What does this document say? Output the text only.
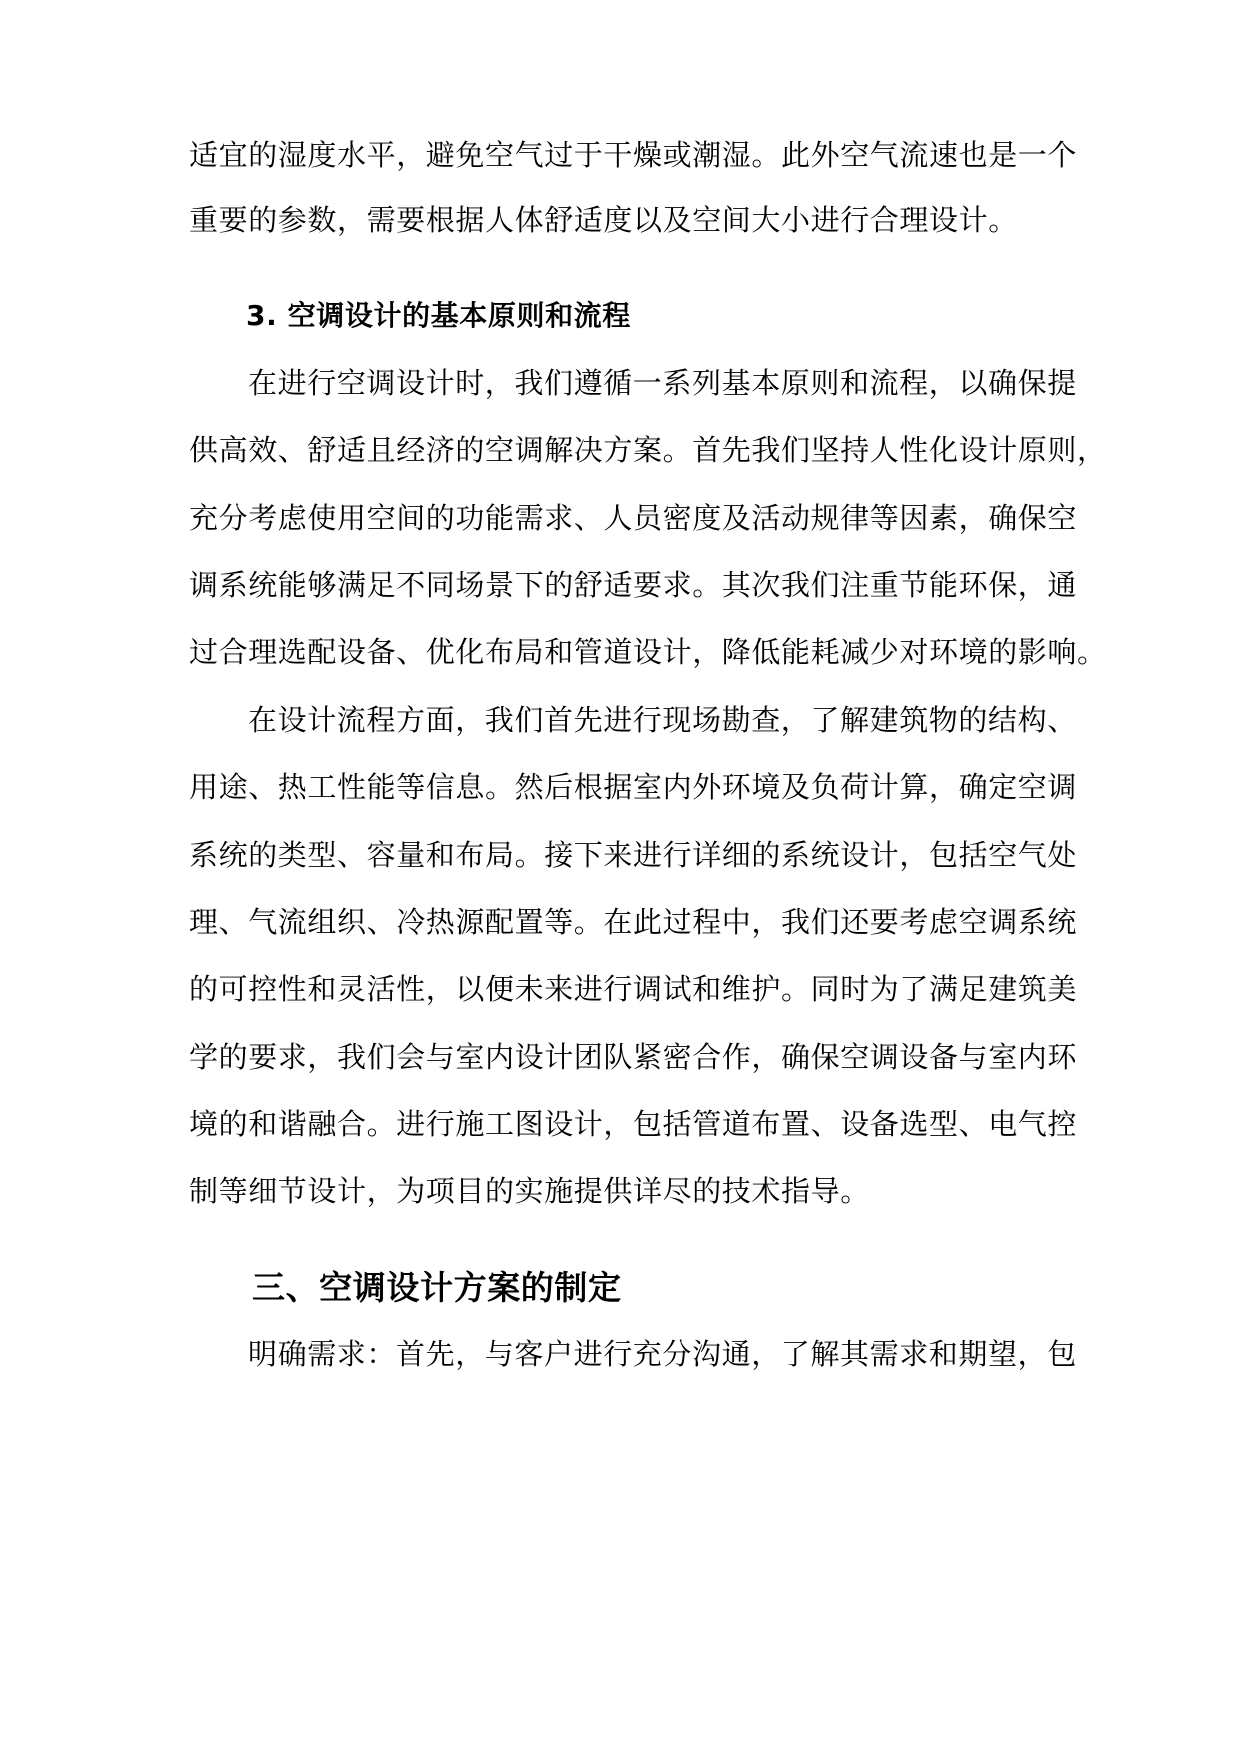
适宜的湿度水平，避免空气过于干燥或潮湿。此外空气流速也是一个
重要的参数，需要根据人体舒适度以及空间大小进行合理设计。
3. 空调设计的基本原则和流程
在进行空调设计时，我们遵循一系列基本原则和流程，以确保提
供高效、舒适且经济的空调解决方案。首先我们坚持人性化设计原则，
充分考虑使用空间的功能需求、人员密度及活动规律等因素，确保空
调系统能够满足不同场景下的舒适要求。其次我们注重节能环保，通
过合理选配设备、优化布局和管道设计，降低能耗减少对环境的影响。
在设计流程方面，我们首先进行现场勘查，了解建筑物的结构、
用途、热工性能等信息。然后根据室内外环境及负荷计算，确定空调
系统的类型、容量和布局。接下来进行详细的系统设计，包括空气处
理、气流组织、冷热源配置等。在此过程中，我们还要考虑空调系统
的可控性和灵活性，以便未来进行调试和维护。同时为了满足建筑美
学的要求，我们会与室内设计团队紧密合作，确保空调设备与室内环
境的和谐融合。进行施工图设计，包括管道布置、设备选型、电气控
制等细节设计，为项目的实施提供详尽的技术指导。
三、空调设计方案的制定
明确需求：首先，与客户进行充分沟通，了解其需求和期望，包
